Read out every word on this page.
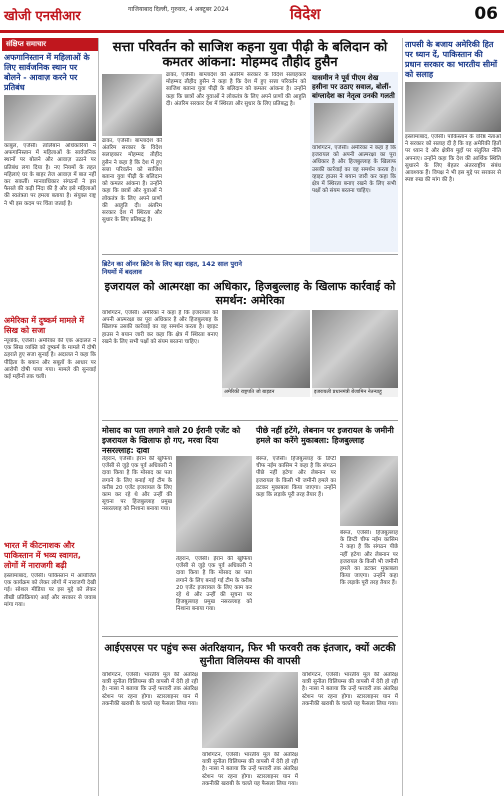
खोजी एनसीआर	गाजियाबाद दिल्ली, गुरुवार, 4 अक्टूबर 2024	विदेश	06
संक्षिप्त समाचार
अफगानिस्तान में महिलाओं के लिए सार्वजनिक स्थान पर बोलने - आवाज़ करने पर प्रतिबंध
काबुल, एजेंसी। तालिबान अधिकारियों ने अफगानिस्तान में महिलाओं के सार्वजनिक स्थानों पर बोलने और आवाज़ उठाने पर प्रतिबंध लगा दिया है। नए नियमों के तहत महिलाएं घर के बाहर तेज आवाज़ में बात नहीं कर सकतीं। मानवाधिकार संगठनों ने इस फैसले की कड़ी निंदा की है और इसे महिलाओं की स्वतंत्रता पर हमला बताया है। संयुक्त राष्ट्र ने भी इस कदम पर चिंता जताई है।
अमेरिका में दुष्कर्म मामले में सिख को सजा
न्यूयॉर्क, एजेंसी। अमेरिका की एक अदालत ने एक सिख व्यक्ति को दुष्कर्म के मामले में दोषी ठहराते हुए सजा सुनाई है। अदालत ने कहा कि पीड़िता के बयान और सबूतों के आधार पर आरोपी दोषी पाया गया। मामले की सुनवाई कई महीनों तक चली।
भारत में कीटनाशक और पाकिस्तान में भव्य स्वागत, लोगों में नाराजगी बढ़ी
इस्लामाबाद, एजेंसी। पाकिस्तान में आयोजित एक कार्यक्रम को लेकर लोगों में नाराजगी देखी गई। सोशल मीडिया पर इस मुद्दे को लेकर तीखी प्रतिक्रियाएं आईं और सरकार से जवाब मांगा गया।
सत्ता परिवर्तन को साजिश कहना युवा पीढ़ी के बलिदान को कमतर आंकना: मोहम्मद तौहीद हुसैन
ढाका, एजेंसी। बांग्लादेश की अंतरिम सरकार के विदेश सलाहकार मोहम्मद तौहीद हुसैन ने कहा है कि देश में हुए सत्ता परिवर्तन को साजिश बताना युवा पीढ़ी के बलिदान को कमतर आंकना है। उन्होंने कहा कि छात्रों और युवाओं ने लोकतंत्र के लिए अपने प्राणों की आहुति दी। अंतरिम सरकार देश में स्थिरता और सुधार के लिए प्रतिबद्ध है।
ढाका, एजेंसी। बांग्लादेश की अंतरिम सरकार के विदेश सलाहकार मोहम्मद तौहीद हुसैन ने कहा है कि देश में हुए सत्ता परिवर्तन को साजिश बताना युवा पीढ़ी के बलिदान को कमतर आंकना है। उन्होंने कहा कि छात्रों और युवाओं ने लोकतंत्र के लिए अपने प्राणों की आहुति दी। अंतरिम सरकार देश में स्थिरता और सुधार के लिए प्रतिबद्ध है।
यासमीन ने पूर्व पीएम शेख हसीना पर उठाए सवाल, बोलीं-बांग्लादेश का नेतृत्व उनकी गलती
वाशिंगटन, एजेंसी। अमेरिका ने कहा है कि इजरायल को अपनी आत्मरक्षा का पूरा अधिकार है और हिजबुल्लाह के खिलाफ उसकी कार्रवाई का वह समर्थन करता है। व्हाइट हाउस ने बयान जारी कर कहा कि क्षेत्र में स्थिरता बनाए रखने के लिए सभी पक्षों को संयम बरतना चाहिए।
ब्रिटेन का ऑनर ब्रिटेन के लिए बड़ा राहत, 142 साल पुराने नियमों में बदलाव
इजरायल को आत्मरक्षा का अधिकार, हिजबुल्लाह के खिलाफ कार्रवाई को समर्थन: अमेरिका
वाशिंगटन, एजेंसी। अमेरिका ने कहा है कि इजरायल को अपनी आत्मरक्षा का पूरा अधिकार है और हिजबुल्लाह के खिलाफ उसकी कार्रवाई का वह समर्थन करता है। व्हाइट हाउस ने बयान जारी कर कहा कि क्षेत्र में स्थिरता बनाए रखने के लिए सभी पक्षों को संयम बरतना चाहिए।
अमेरिकी राष्ट्रपति जो बाइडन	इजरायली प्रधानमंत्री बेंजामिन नेतन्याहू
मोसाद का पता लगाने वाले 20 ईरानी एजेंट को इजरायल के खिलाफ हो गए, मरवा दिया नसरल्लाह: दावा
पीछे नहीं हटेंगे, लेबनान पर इजरायल के जमीनी हमले का करेंगे मुकाबला: हिजबुल्लाह
तेहरान, एजेंसी। ईरान की खुफिया एजेंसी से जुड़े एक पूर्व अधिकारी ने दावा किया है कि मोसाद का पता लगाने के लिए बनाई गई टीम के करीब 20 एजेंट इजरायल के लिए काम कर रहे थे और उन्हीं की सूचना पर हिजबुल्लाह प्रमुख नसरल्लाह को निशाना बनाया गया।
तेहरान, एजेंसी। ईरान की खुफिया एजेंसी से जुड़े एक पूर्व अधिकारी ने दावा किया है कि मोसाद का पता लगाने के लिए बनाई गई टीम के करीब 20 एजेंट इजरायल के लिए काम कर रहे थे और उन्हीं की सूचना पर हिजबुल्लाह प्रमुख नसरल्लाह को निशाना बनाया गया।
बेरूत, एजेंसी। हिजबुल्लाह के डिप्टी चीफ नईम कासिम ने कहा है कि संगठन पीछे नहीं हटेगा और लेबनान पर इजरायल के किसी भी जमीनी हमले का डटकर मुकाबला किया जाएगा। उन्होंने कहा कि लड़ाके पूरी तरह तैयार हैं।
बेरूत, एजेंसी। हिजबुल्लाह के डिप्टी चीफ नईम कासिम ने कहा है कि संगठन पीछे नहीं हटेगा और लेबनान पर इजरायल के किसी भी जमीनी हमले का डटकर मुकाबला किया जाएगा। उन्होंने कहा कि लड़ाके पूरी तरह तैयार हैं।
आईएसएस पर पहुंच रूस अंतरिक्षयान, फिर भी फरवरी तक इंतजार, क्यों अटकी सुनीता विलियम्स की वापसी
वाशिंगटन, एजेंसी। भारतीय मूल की अंतरिक्ष यात्री सुनीता विलियम्स की वापसी में देरी हो रही है। नासा ने बताया कि उन्हें फरवरी तक अंतरिक्ष स्टेशन पर रहना होगा। स्टारलाइनर यान में तकनीकी खराबी के चलते यह फैसला लिया गया।
वाशिंगटन, एजेंसी। भारतीय मूल की अंतरिक्ष यात्री सुनीता विलियम्स की वापसी में देरी हो रही है। नासा ने बताया कि उन्हें फरवरी तक अंतरिक्ष स्टेशन पर रहना होगा। स्टारलाइनर यान में तकनीकी खराबी के चलते यह फैसला लिया गया।
वाशिंगटन, एजेंसी। भारतीय मूल की अंतरिक्ष यात्री सुनीता विलियम्स की वापसी में देरी हो रही है। नासा ने बताया कि उन्हें फरवरी तक अंतरिक्ष स्टेशन पर रहना होगा। स्टारलाइनर यान में तकनीकी खराबी के चलते यह फैसला लिया गया।
तापसी के बजाय अमेरिकी हित पर ध्यान दें, पाकिस्तान की प्रधान सरकार का भारतीय सीमों को सलाह
इस्लामाबाद, एजेंसी। पाकिस्तान के वरिष्ठ नेताओं ने सरकार को सलाह दी है कि वह अमेरिकी हितों पर ध्यान दे और क्षेत्रीय मुद्दों पर संतुलित नीति अपनाए। उन्होंने कहा कि देश की आर्थिक स्थिति सुधारने के लिए बेहतर अंतरराष्ट्रीय संबंध आवश्यक हैं। विपक्ष ने भी इस मुद्दे पर सरकार से स्पष्ट रुख की मांग की है।
